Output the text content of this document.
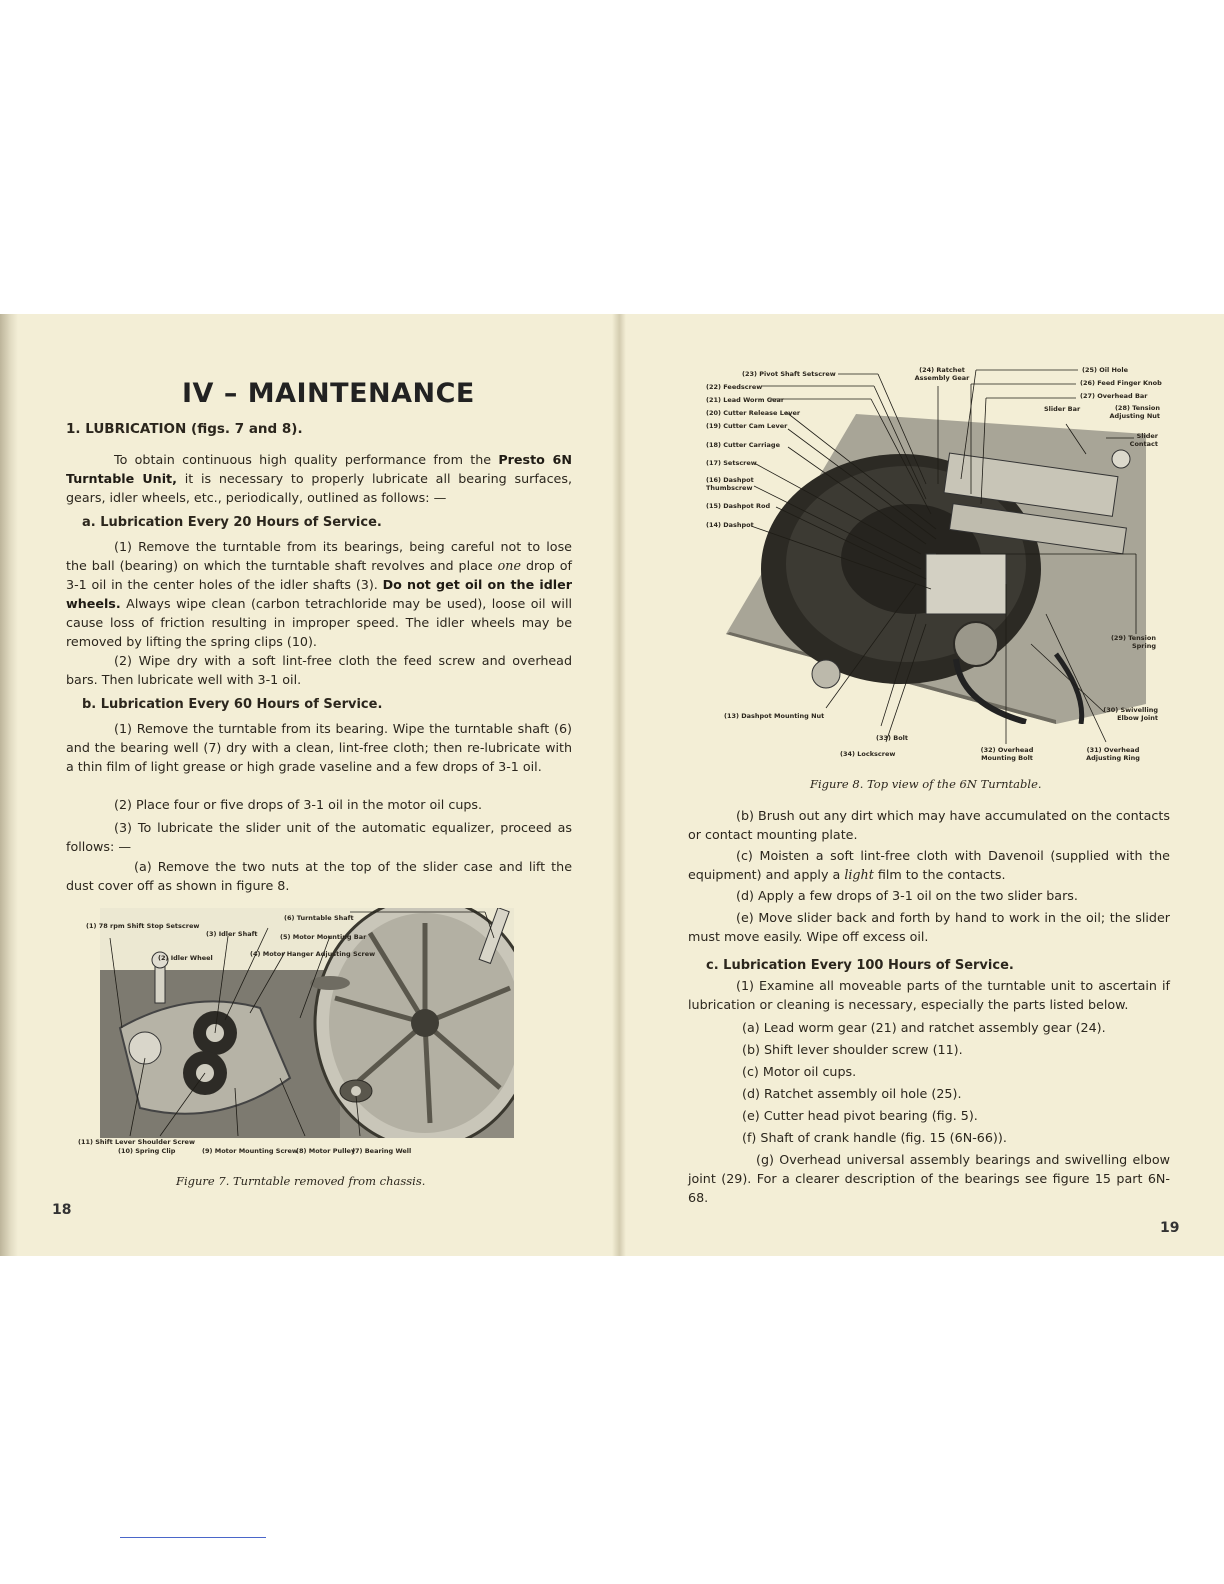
IV – MAINTENANCE
1. LUBRICATION (figs. 7 and 8).
To obtain continuous high quality performance from the Presto 6N Turntable Unit, it is necessary to properly lubricate all bearing surfaces, gears, idler wheels, etc., periodically, outlined as follows: —
a. Lubrication Every 20 Hours of Service.
(1) Remove the turntable from its bearings, being careful not to lose the ball (bearing) on which the turntable shaft revolves and place one drop of 3-1 oil in the center holes of the idler shafts (3). Do not get oil on the idler wheels. Always wipe clean (carbon tetrachloride may be used), loose oil will cause loss of friction resulting in improper speed. The idler wheels may be removed by lifting the spring clips (10).
(2) Wipe dry with a soft lint-free cloth the feed screw and overhead bars. Then lubricate well with 3-1 oil.
b. Lubrication Every 60 Hours of Service.
(1) Remove the turntable from its bearing. Wipe the turntable shaft (6) and the bearing well (7) dry with a clean, lint-free cloth; then re-lubricate with a thin film of light grease or high grade vaseline and a few drops of 3-1 oil.
(2) Place four or five drops of 3-1 oil in the motor oil cups.
(3) To lubricate the slider unit of the automatic equalizer, proceed as follows: —
(a) Remove the two nuts at the top of the slider case and lift the dust cover off as shown in figure 8.
(1) 78 rpm Shift Stop Setscrew
(2) Idler Wheel
(3) Idler Shaft
(4) Motor Hanger Adjusting Screw
(5) Motor Mounting Bar
(6) Turntable Shaft
(11) Shift Lever Shoulder Screw
(10) Spring Clip	(9) Motor Mounting Screw
(8) Motor Pulley
(7) Bearing Well
Figure 7. Turntable removed from chassis.
18
(23) Pivot Shaft Setscrew
(22) Feedscrew
(21) Lead Worm Gear
(20) Cutter Release Lever
(19) Cutter Cam Lever
(18) Cutter Carriage
(17) Setscrew
(16) Dashpot Thumbscrew
(15) Dashpot Rod
(14) Dashpot
(24) Ratchet Assembly Gear
(25) Oil Hole
(26) Feed Finger Knob
(27) Overhead Bar
Slider Bar	(28) Tension Adjusting Nut
Slider Contact
(29) Tension Spring
(30) Swivelling Elbow Joint
(13) Dashpot Mounting Nut
(33) Bolt
(34) Lockscrew	(32) Overhead Mounting Bolt
(31) Overhead Adjusting Ring
Figure 8. Top view of the 6N Turntable.
(b) Brush out any dirt which may have accumulated on the contacts or contact mounting plate.
(c) Moisten a soft lint-free cloth with Davenoil (supplied with the equipment) and apply a light film to the contacts.
(d) Apply a few drops of 3-1 oil on the two slider bars.
(e) Move slider back and forth by hand to work in the oil; the slider must move easily. Wipe off excess oil.
c. Lubrication Every 100 Hours of Service.
(1) Examine all moveable parts of the turntable unit to ascertain if lubrication or cleaning is necessary, especially the parts listed below.
(a) Lead worm gear (21) and ratchet assembly gear (24).
(b) Shift lever shoulder screw (11).
(c) Motor oil cups.
(d) Ratchet assembly oil hole (25).
(e) Cutter head pivot bearing (fig. 5).
(f) Shaft of crank handle (fig. 15 (6N-66)).
(g) Overhead universal assembly bearings and swivelling elbow joint (29). For a clearer description of the bearings see figure 15 part 6N-68.
19
